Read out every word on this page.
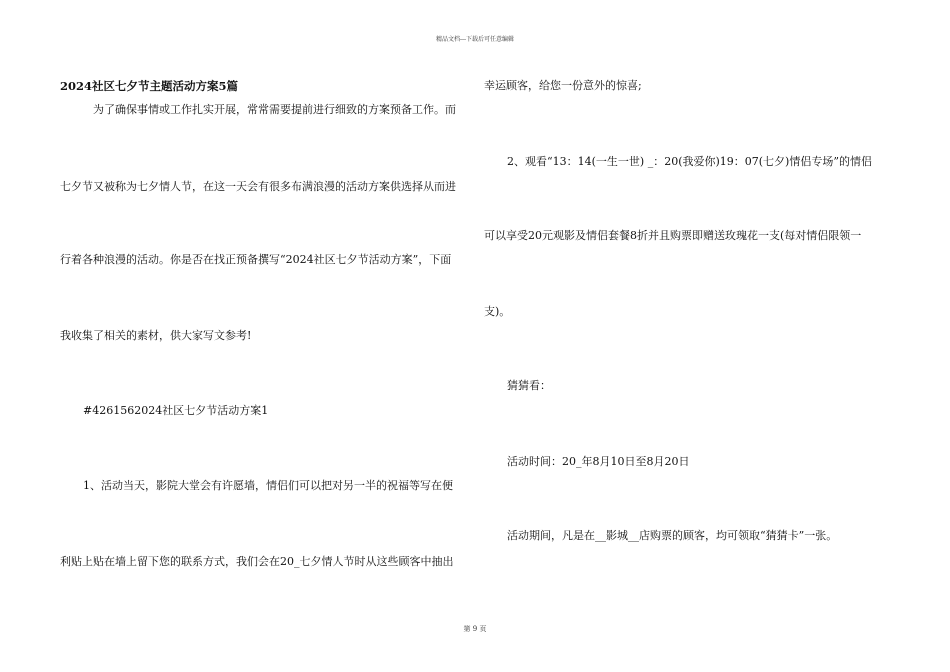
精品文档---下载后可任意编辑
2024社区七夕节主题活动方案5篇
为了确保事情或工作扎实开展，常常需要提前进行细致的方案预备工作。而
七夕节又被称为七夕情人节，在这一天会有很多布满浪漫的活动方案供选择从而进
行着各种浪漫的活动。你是否在找正预备撰写“2024社区七夕节活动方案”，下面
我收集了相关的素材，供大家写文参考!
#4261562024社区七夕节活动方案1
1、活动当天，影院大堂会有许愿墙，情侣们可以把对另一半的祝福等写在便
利贴上贴在墙上留下您的联系方式，我们会在20_七夕情人节时从这些顾客中抽出
幸运顾客，给您一份意外的惊喜;
2、观看“13：14(一生一世) _：20(我爱你)19：07(七夕)情侣专场”的情侣
可以享受20元观影及情侣套餐8折并且购票即赠送玫瑰花一支(每对情侣限领一
支)。
猜猜看：
活动时间：20_年8月10日至8月20日
活动期间，凡是在__影城__店购票的顾客，均可领取“猜猜卡”一张。
第 9 页
